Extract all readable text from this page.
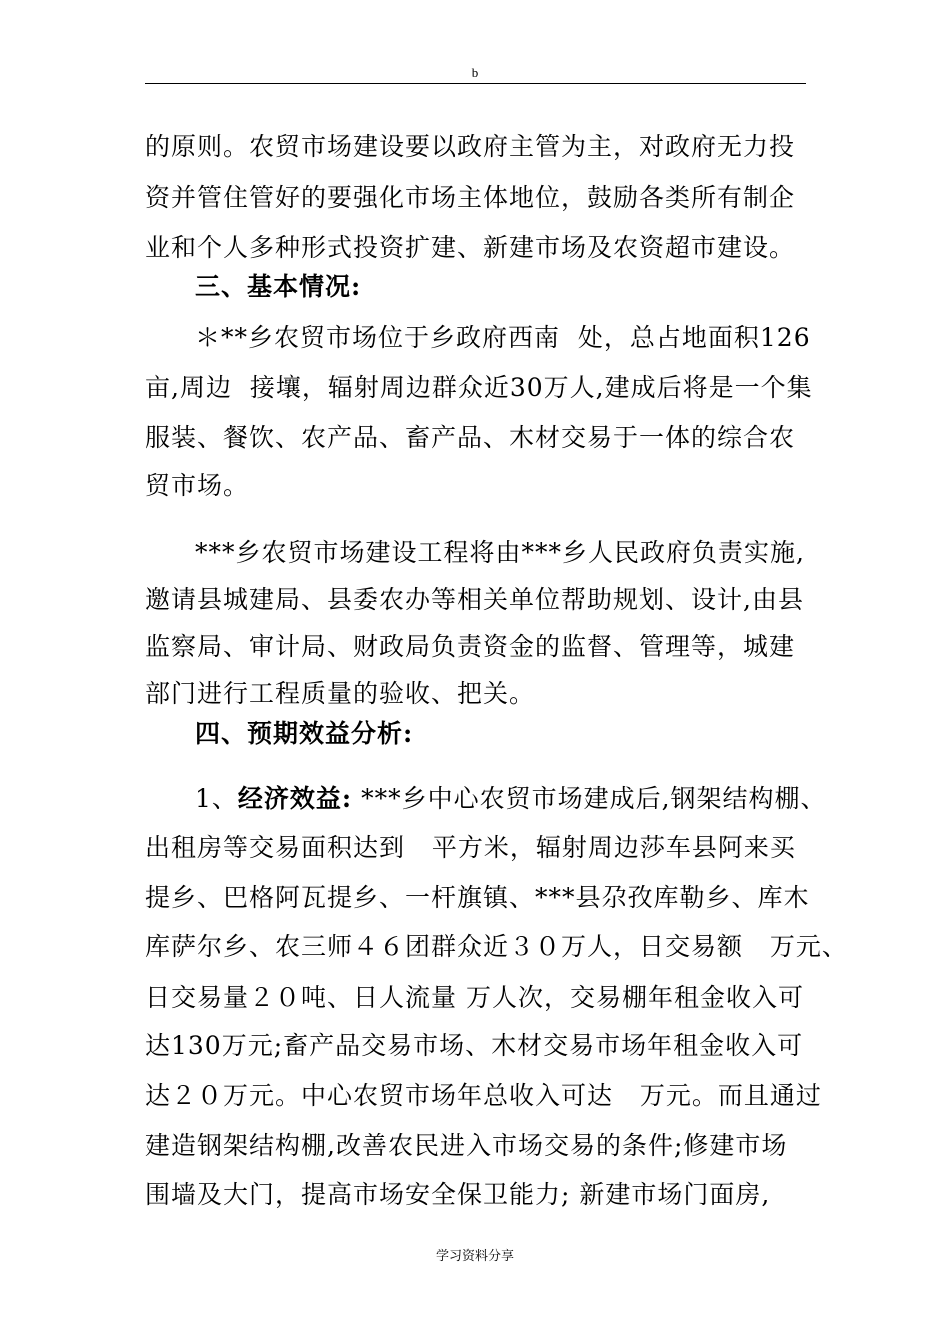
b
的原则。农贸市场建设要以政府主管为主，对政府无力投
资并管住管好的要强化市场主体地位，鼓励各类所有制企
业和个人多种形式投资扩建、新建市场及农资超市建设。
三、基本情况:
＊**乡农贸市场位于乡政府西南  处，总占地面积126
亩,周边  接壤，辐射周边群众近30万人,建成后将是一个集
服装、餐饮、农产品、畜产品、木材交易于一体的综合农
贸市场。
***乡农贸市场建设工程将由***乡人民政府负责实施,
邀请县城建局、县委农办等相关单位帮助规划、设计,由县
监察局、审计局、财政局负责资金的监督、管理等，城建
部门进行工程质量的验收、把关。
四、预期效益分析:
1、经济效益: ***乡中心农贸市场建成后,钢架结构棚、
出租房等交易面积达到   平方米，辐射周边莎车县阿来买
提乡、巴格阿瓦提乡、一杆旗镇、***县尕孜库勒乡、库木
库萨尔乡、农三师４６团群众近３０万人，日交易额   万元、
日交易量２０吨、日人流量 万人次，交易棚年租金收入可
达130万元;畜产品交易市场、木材交易市场年租金收入可
达２０万元。中心农贸市场年总收入可达   万元。而且通过
建造钢架结构棚,改善农民进入市场交易的条件;修建市场
围墙及大门，提高市场安全保卫能力; 新建市场门面房,
学习资料分享
